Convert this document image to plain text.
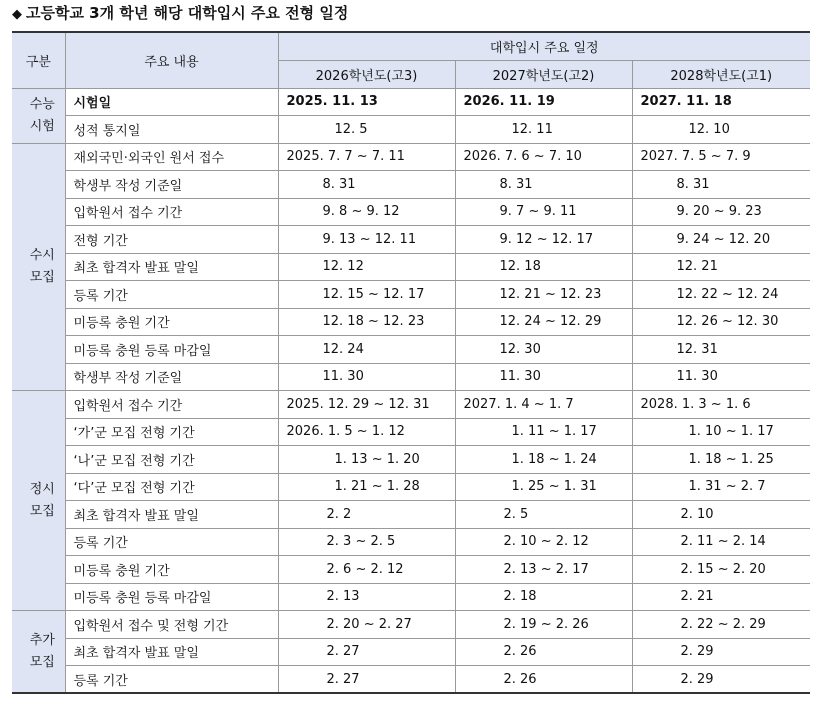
◆ 고등학교 3개 학년 해당 대학입시 주요 전형 일정
구분	주요 내용	대학입시 주요 일정		
		2026학년도(고3)	2027학년도(고2)	2028학년도(고1)

수능
시험	시험일	2025. 11. 13	2026. 11. 19	2027. 11. 18
	성적 통지일	12. 5	12. 11	12. 10

수시
모집	재외국민·외국인 원서 접수	2025. 7. 7 ~ 7. 11	2026. 7. 6 ~ 7. 10	2027. 7. 5 ~ 7. 9
	학생부 작성 기준일	8. 31	8. 31	8. 31
	입학원서 접수 기간	9. 8 ~ 9. 12	9. 7 ~ 9. 11	9. 20 ~ 9. 23
	전형 기간	9. 13 ~ 12. 11	9. 12 ~ 12. 17	9. 24 ~ 12. 20
	최초 합격자 발표 말일	12. 12	12. 18	12. 21
	등록 기간	12. 15 ~ 12. 17	12. 21 ~ 12. 23	12. 22 ~ 12. 24
	미등록 충원 기간	12. 18 ~ 12. 23	12. 24 ~ 12. 29	12. 26 ~ 12. 30
	미등록 충원 등록 마감일	12. 24	12. 30	12. 31
	학생부 작성 기준일	11. 30	11. 30	11. 30

정시
모집	입학원서 접수 기간	2025. 12. 29 ~ 12. 31	2027. 1. 4 ~ 1. 7	2028. 1. 3 ~ 1. 6
	‘가’군 모집 전형 기간	2026. 1. 5 ~ 1. 12	1. 11 ~ 1. 17	1. 10 ~ 1. 17
	‘나’군 모집 전형 기간	1. 13 ~ 1. 20	1. 18 ~ 1. 24	1. 18 ~ 1. 25
	‘다’군 모집 전형 기간	1. 21 ~ 1. 28	1. 25 ~ 1. 31	1. 31 ~ 2. 7
	최초 합격자 발표 말일	2. 2	2. 5	2. 10
	등록 기간	2. 3 ~ 2. 5	2. 10 ~ 2. 12	2. 11 ~ 2. 14
	미등록 충원 기간	2. 6 ~ 2. 12	2. 13 ~ 2. 17	2. 15 ~ 2. 20
	미등록 충원 등록 마감일	2. 13	2. 18	2. 21

추가
모집	입학원서 접수 및 전형 기간	2. 20 ~ 2. 27	2. 19 ~ 2. 26	2. 22 ~ 2. 29
	최초 합격자 발표 말일	2. 27	2. 26	2. 29
	등록 기간	2. 27	2. 26	2. 29
